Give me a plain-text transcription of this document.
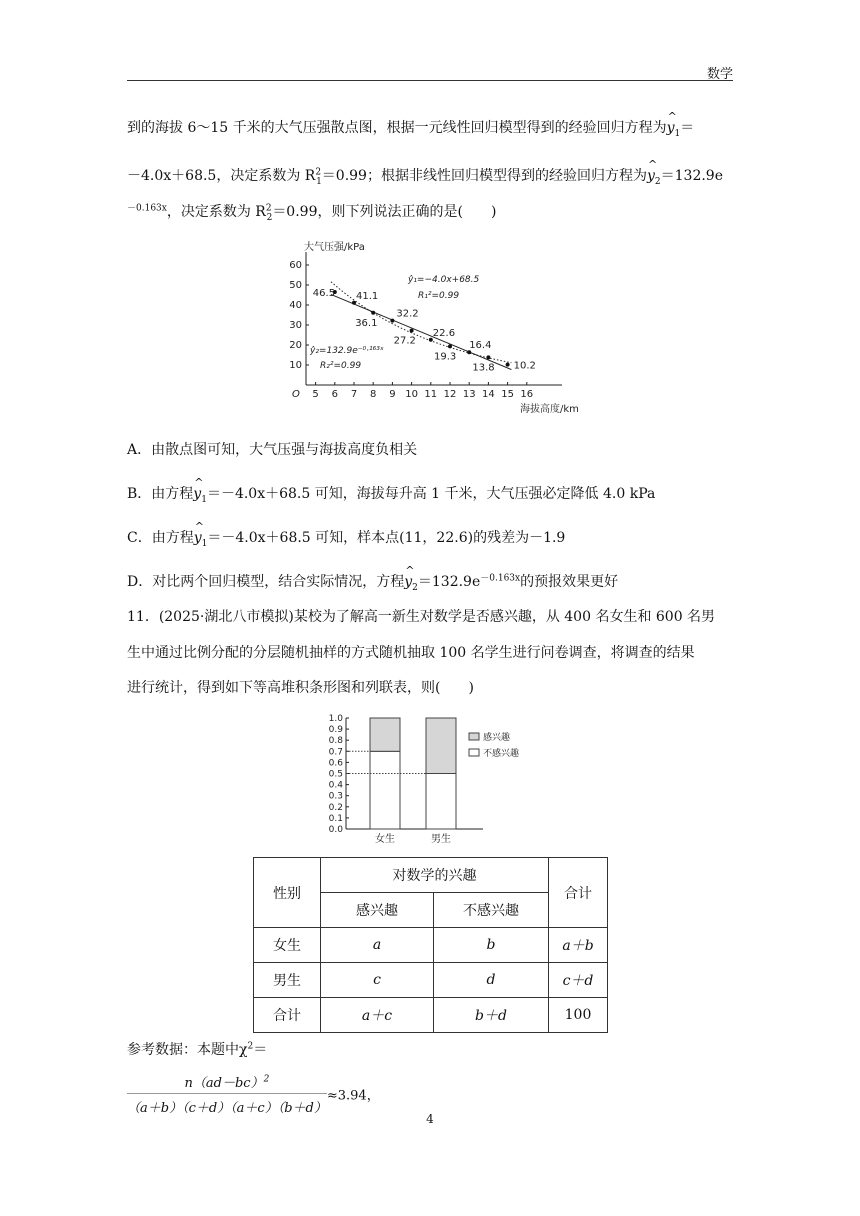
数学
到的海拔 6～15 千米的大气压强散点图，根据一元线性回归模型得到的经验回归方程为^ $y_1=$
－4.0x＋68.5，决定系数为 $R^2_1=0.99$；根据非线性回归模型得到的经验回归方程为^ $y_2=132.9e$
$^{-0.163x}$，决定系数为 $R^2_2=0.99$，则下列说法正确的是(　　)
大气压强/kPa
海拔高度/km
O
10
20
30
40
50
60
5 6 7 8 9 10 11 12 13 14 15 16
46.5 41.1
36.1
32.2
27.2
22.6
19.3
16.4
13.8 10.2
ŷ₁=−4.0x+68.5
R₁²=0.99
ŷ₂=132.9e⁻⁰·¹⁶³ˣ
R₂²=0.99
A．由散点图可知，大气压强与海拔高度负相关
B．由方程^ $y_1=-4.0x+68.5$ 可知，海拔每升高 1 千米，大气压强必定降低 4.0 kPa
C．由方程^ $y_1=-4.0x+68.5$ 可知，样本点(11，22.6)的残差为－1.9
D．对比两个回归模型，结合实际情况，方程^ $y_2=132.9e^{-0.163x}$的预报效果更好
11．(2025·湖北八市模拟)某校为了解高一新生对数学是否感兴趣，从 400 名女生和 600 名男
生中通过比例分配的分层随机抽样的方式随机抽取 100 名学生进行问卷调查，将调查的结果
进行统计，得到如下等高堆积条形图和列联表，则(　　)
0.0
0.1
0.2
0.3
0.4
0.5
0.6
0.7
0.8
0.9
1.0
女生	男生
感兴趣
不感兴趣
性别	对数学的兴趣		合计
	感兴趣	不感兴趣	
女生	a	b	a＋b
男生	c	d	c＋d
合计	a＋c	b＋d	100
参考数据：本题中$\chi^2=$
$\frac{n(ad-bc)^2}{(a+b)(c+d)(a+c)(b+d)} \approx 3.94$，
4
